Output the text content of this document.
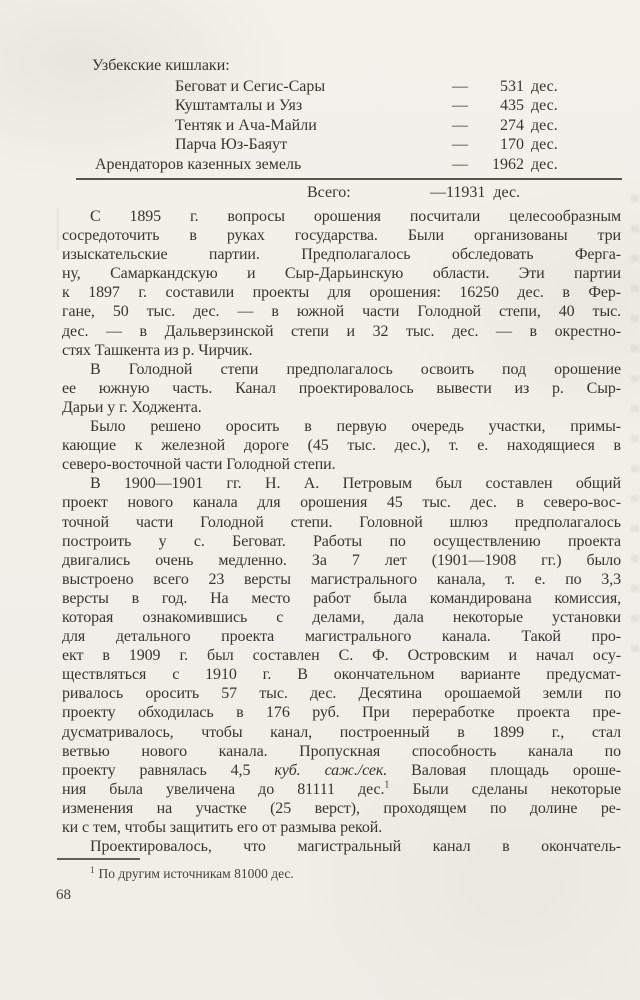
Узбекские кишлаки:
Беговат и Сегис-Сары	— 531 дес.
Куштамталы и Уяз	— 435 дес.
Тентяк и Ача-Майли	— 274 дес.
Парча Юз-Баяут	— 170 дес.
Арендаторов казенных земель	— 1962 дес.
Всего:	—11931 дес.
С 1895 г. вопросы орошения посчитали целесообразным
сосредоточить в руках государства. Были организованы три
изыскательские партии. Предполагалось обследовать Ферга-
ну, Самаркандскую и Сыр-Дарьинскую области. Эти партии
к 1897 г. составили проекты для орошения: 16250 дес. в Фер-
гане, 50 тыс. дес. — в южной части Голодной степи, 40 тыс.
дес. — в Дальверзинской степи и 32 тыс. дес. — в окрестно-
стях Ташкента из р. Чирчик.
В Голодной степи предполагалось освоить под орошение
ее южную часть. Канал проектировалось вывести из р. Сыр-
Дарьи у г. Ходжента.
Было решено оросить в первую очередь участки, примы-
кающие к железной дороге (45 тыс. дес.), т. е. находящиеся в
северо-восточной части Голодной степи.
В 1900—1901 гг. Н. А. Петровым был составлен общий
проект нового канала для орошения 45 тыс. дес. в северо-вос-
точной части Голодной степи. Головной шлюз предполагалось
построить у с. Беговат. Работы по осуществлению проекта
двигались очень медленно. За 7 лет (1901—1908 гг.) было
выстроено всего 23 версты магистрального канала, т. е. по 3,3
версты в год. На место работ была командирована комиссия,
которая ознакомившись с делами, дала некоторые установки
для детального проекта магистрального канала. Такой про-
ект в 1909 г. был составлен С. Ф. Островским и начал осу-
ществляться с 1910 г. В окончательном варианте предусмат-
ривалось оросить 57 тыс. дес. Десятина орошаемой земли по
проекту обходилась в 176 руб. При переработке проекта пре-
дусматривалось, чтобы канал, построенный в 1899 г., стал
ветвью нового канала. Пропускная способность канала по
проекту равнялась 4,5 куб. саж./сек. Валовая площадь ороше-
ния была увеличена до 81111 дес.$^1$ Были сделаны некоторые
изменения на участке (25 верст), проходящем по долине ре-
ки с тем, чтобы защитить его от размыва рекой.
Проектировалось, что магистральный канал в окончатель-
$^1$ По другим источникам 81000 дес.
68
